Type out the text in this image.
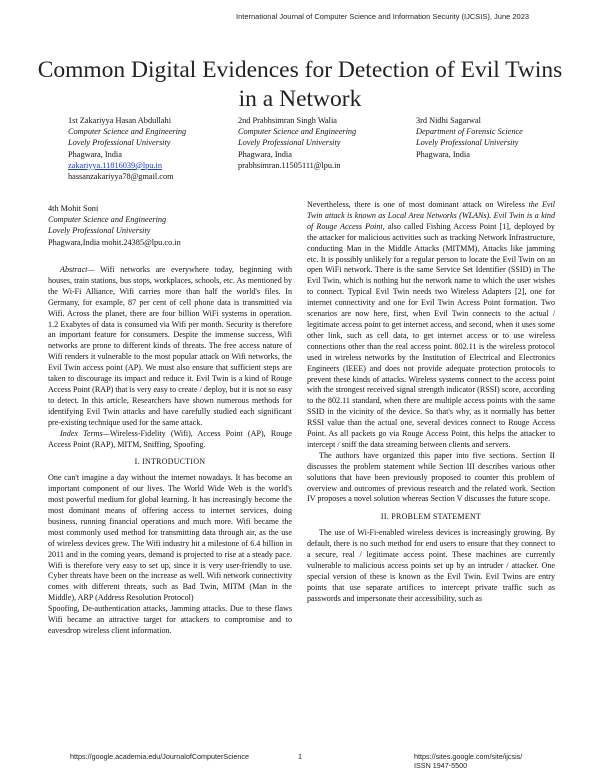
International Journal of Computer Science and Information Security (IJCSIS), June 2023
Common Digital Evidences for Detection of Evil Twins in a Network
1st Zakariyya Hasan Abdullahi
Computer Science and Engineering
Lovely Professional University
Phagwara, India
zakariyya.11816039@lpu.in
hassanzakariyya78@gmail.com
2nd Prabhsimran Singh Walia
Computer Science and Engineering
Lovely Professional University
Phagwara, India
prabhsimran.11505111@lpu.in
3rd Nidhi Sagarwal
Department of Forensic Science
Lovely Professional University
Phagwara, India
4th Mohit Soni
Computer Science and Engineering
Lovely Professional University
Phagwara,India mohit.24385@lpu.co.in

Abstract— Wifi networks are everywhere today, beginning with houses, train stations, bus stops, workplaces, schools, etc. As mentioned by the Wi-Fi Alliance, Wifi carries more than half the world's files. In Germany, for example, 87 per cent of cell phone data is transmitted via Wifi. Across the planet, there are four billion WiFi systems in operation. 1.2 Exabytes of data is consumed via Wifi per month. Security is therefore an important feature for consumers. Despite the immense success, Wifi networks are prone to different kinds of threats. The free access nature of Wifi renders it vulnerable to the most popular attack on Wifi networks, the Evil Twin access point (AP). We must also ensure that sufficient steps are taken to discourage its impact and reduce it. Evil Twin is a kind of Rouge Access Point (RAP) that is very easy to create / deploy, but it is not so easy to detect. In this article, Researchers have shown numerous methods for identifying Evil Twin attacks and have carefully studied each significant pre-existing technique used for the same attack.

Index Terms—Wireless-Fidelity (Wifi), Access Point (AP), Rouge Access Point (RAP), MITM, Sniffing, Spoofing.

I. INTRODUCTION

One can't imagine a day without the internet nowadays. It has become an important component of our lives. The World Wide Web is the world's most powerful medium for global learning. It has increasingly become the most dominant means of offering access to internet services, doing business, running financial operations and much more. Wifi became the most commonly used method for transmitting data through air, as the use of wireless devices grew. The Wifi industry hit a milestone of 6.4 billion in 2011 and in the coming years, demand is projected to rise at a steady pace. Wifi is therefore very easy to set up, since it is very user-friendly to use. Cyber threats have been on the increase as well. Wifi network connectivity comes with different threats, such as Bad Twin, MITM (Man in the Middle), ARP (Address Resolution Protocol)

Spoofing, De-authentication attacks, Jamming attacks. Due to these flaws Wifi became an attractive target for attackers to compromise and to eavesdrop wireless client information.

Nevertheless, there is one of most dominant attack on Wireless the Evil Twin attack is known as Local Area Networks (WLANs). Evil Twin is a kind of Rouge Access Point, also called Fishing Access Point [1], deployed by the attacker for malicious activities such as tracking Network Infrastructure, conducting Man in the Middle Attacks (MITMM), Attacks like jamming etc. It is possibly unlikely for a regular person to locate the Evil Twin on an open WiFi network. There is the same Service Set Identifier (SSID) in The Evil Twin, which is nothing but the network name to which the user wishes to connect. Typical Evil Twin needs two Wireless Adapters [2], one for internet connectivity and one for Evil Twin Access Point formation. Two scenarios are now here, first, when Evil Twin connects to the actual / legitimate access point to get internet access, and second, when it uses some other link, such as cell data, to get internet access or to use wireless connections other than the real access point. 802.11 is the wireless protocol used in wireless networks by the Institution of Electrical and Electronics Engineers (IEEE) and does not provide adequate protection protocols to prevent these kinds of attacks. Wireless systems connect to the access point with the strongest received signal strength indicator (RSSI) score, according to the 802.11 standard, when there are multiple access points with the same SSID in the vicinity of the device. So that's why, as it normally has better RSSI value than the actual one, several devices connect to Rouge Access Point. As all packets go via Rouge Access Point, this helps the attacker to intercept / sniff the data streaming between clients and servers.

The authors have organized this paper into five sections. Section II discusses the problem statement while Section III describes various other solutions that have been previously proposed to counter this problem of overview and outcomes of previous research and the related work. Section IV proposes a novel solution whereas Section V discusses the future scope.

II. PROBLEM STATEMENT

The use of Wi-Fi-enabled wireless devices is increasingly growing. By default, there is no such method for end users to ensure that they connect to a secure, real / legitimate access point. These machines are currently vulnerable to malicious access points set up by an intruder / attacker. One special version of these is known as the Evil Twin. Evil Twins are entry points that use separate artifices to intercept private traffic such as passwords and impersonate their accessibility, such as

https://google.academia.edu/JournalofComputerScience	1	https://sites.google.com/site/ijcsis/
ISSN 1947-5500
